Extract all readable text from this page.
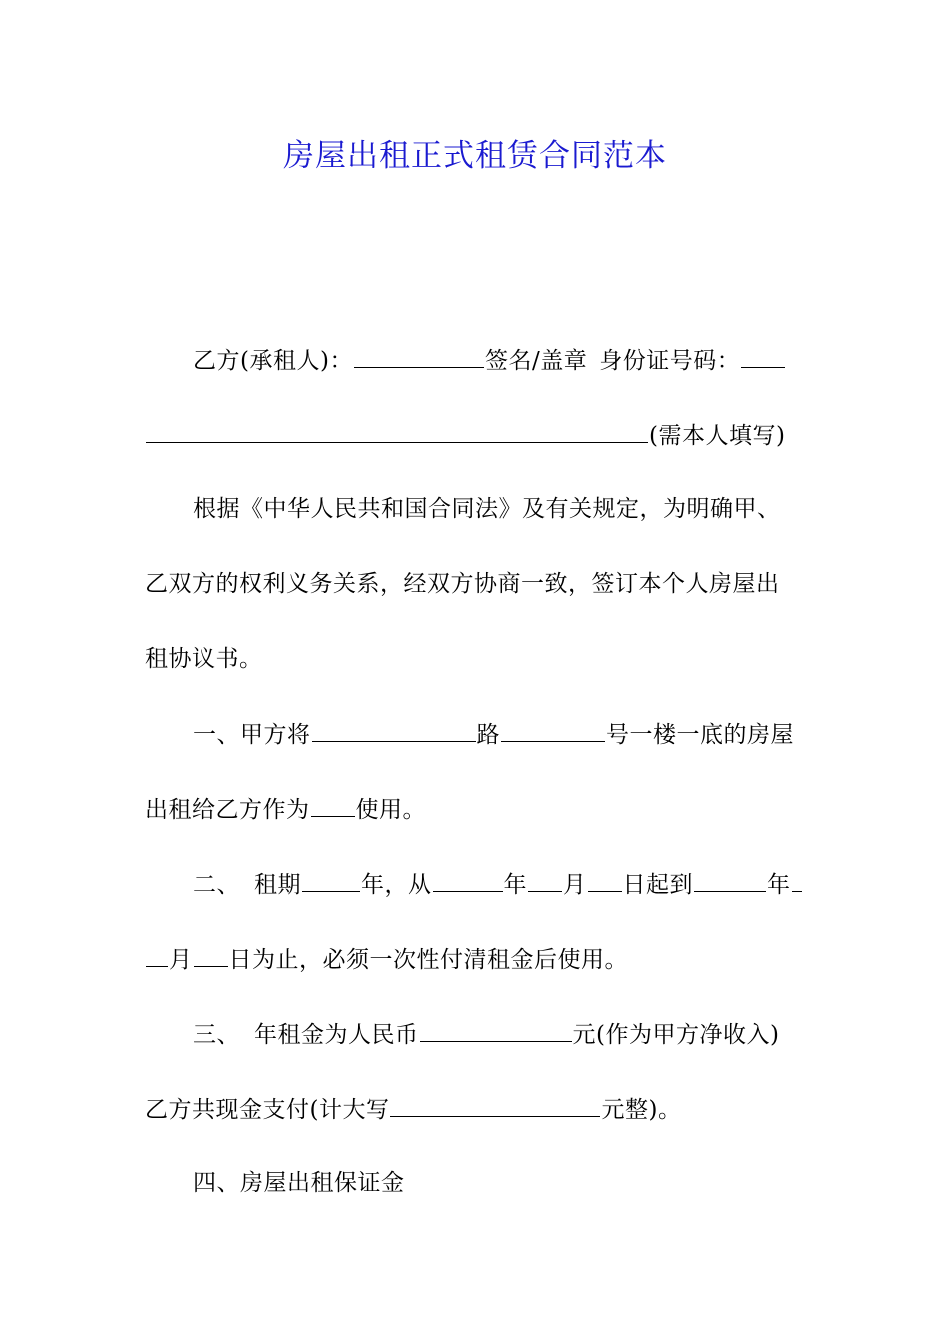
房屋出租正式租赁合同范本
乙方(承租人)：	签名/盖章 身份证号码：
(需本人填写)
根据《中华人民共和国合同法》及有关规定，为明确甲、
乙双方的权利义务关系，经双方协商一致，签订本个人房屋出
租协议书。
一、甲方将	路	号一楼一底的房屋
出租给乙方作为 使用。
二、 租期	年，从	年 月 日起到	年
月 日为止，必须一次性付清租金后使用。
三、 年租金为人民币	元(作为甲方净收入)
乙方共现金支付(计大写	元整)。
四、房屋出租保证金
